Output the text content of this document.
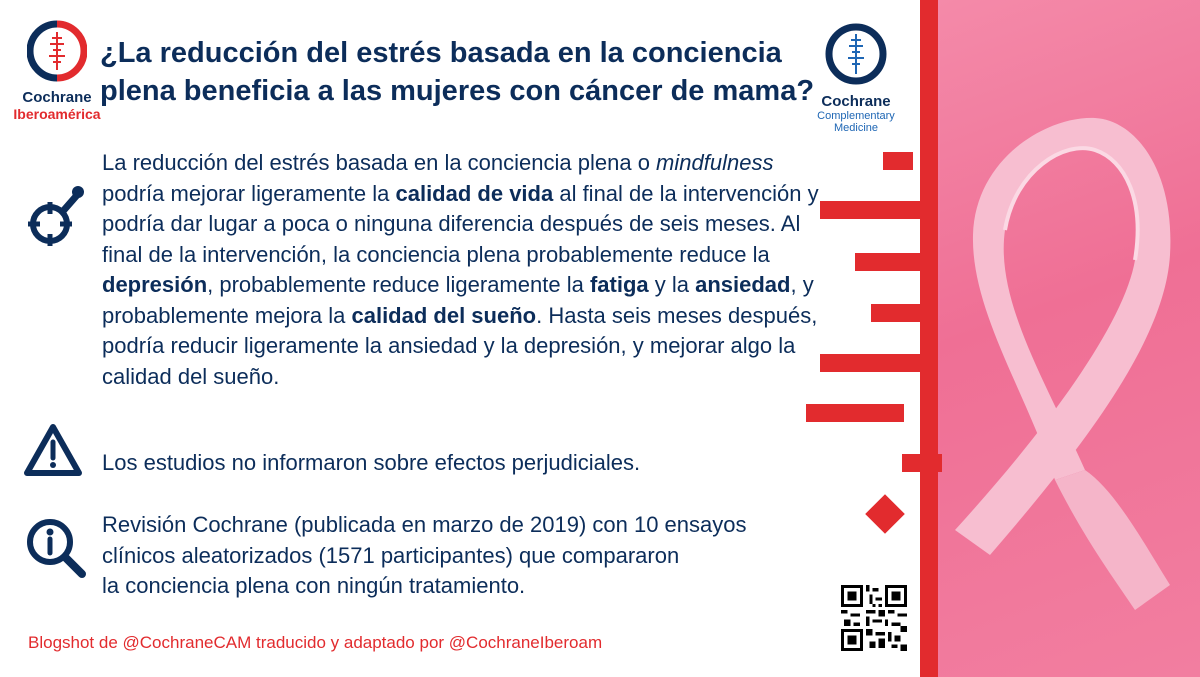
Cochrane
Iberoamérica
Cochrane
Complementary Medicine
¿La reducción del estrés basada en la conciencia plena beneficia a las mujeres con cáncer de mama?

La reducción del estrés basada en la conciencia plena o mindfulness podría mejorar ligeramente la calidad de vida al final de la intervención y podría dar lugar a poca o ninguna diferencia después de seis meses. Al final de la intervención, la conciencia plena probablemente reduce la depresión, probablemente reduce ligeramente la fatiga y la ansiedad, y probablemente mejora la calidad del sueño. Hasta seis meses después, podría reducir ligeramente la ansiedad y la depresión, y mejorar algo la calidad del sueño.

Los estudios no informaron sobre efectos perjudiciales.

Revisión Cochrane (publicada en marzo de 2019) con 10 ensayos
clínicos aleatorizados (1571 participantes) que compararon
la conciencia plena con ningún tratamiento.
Blogshot de @CochraneCAM traducido y adaptado por @CochraneIberoam
